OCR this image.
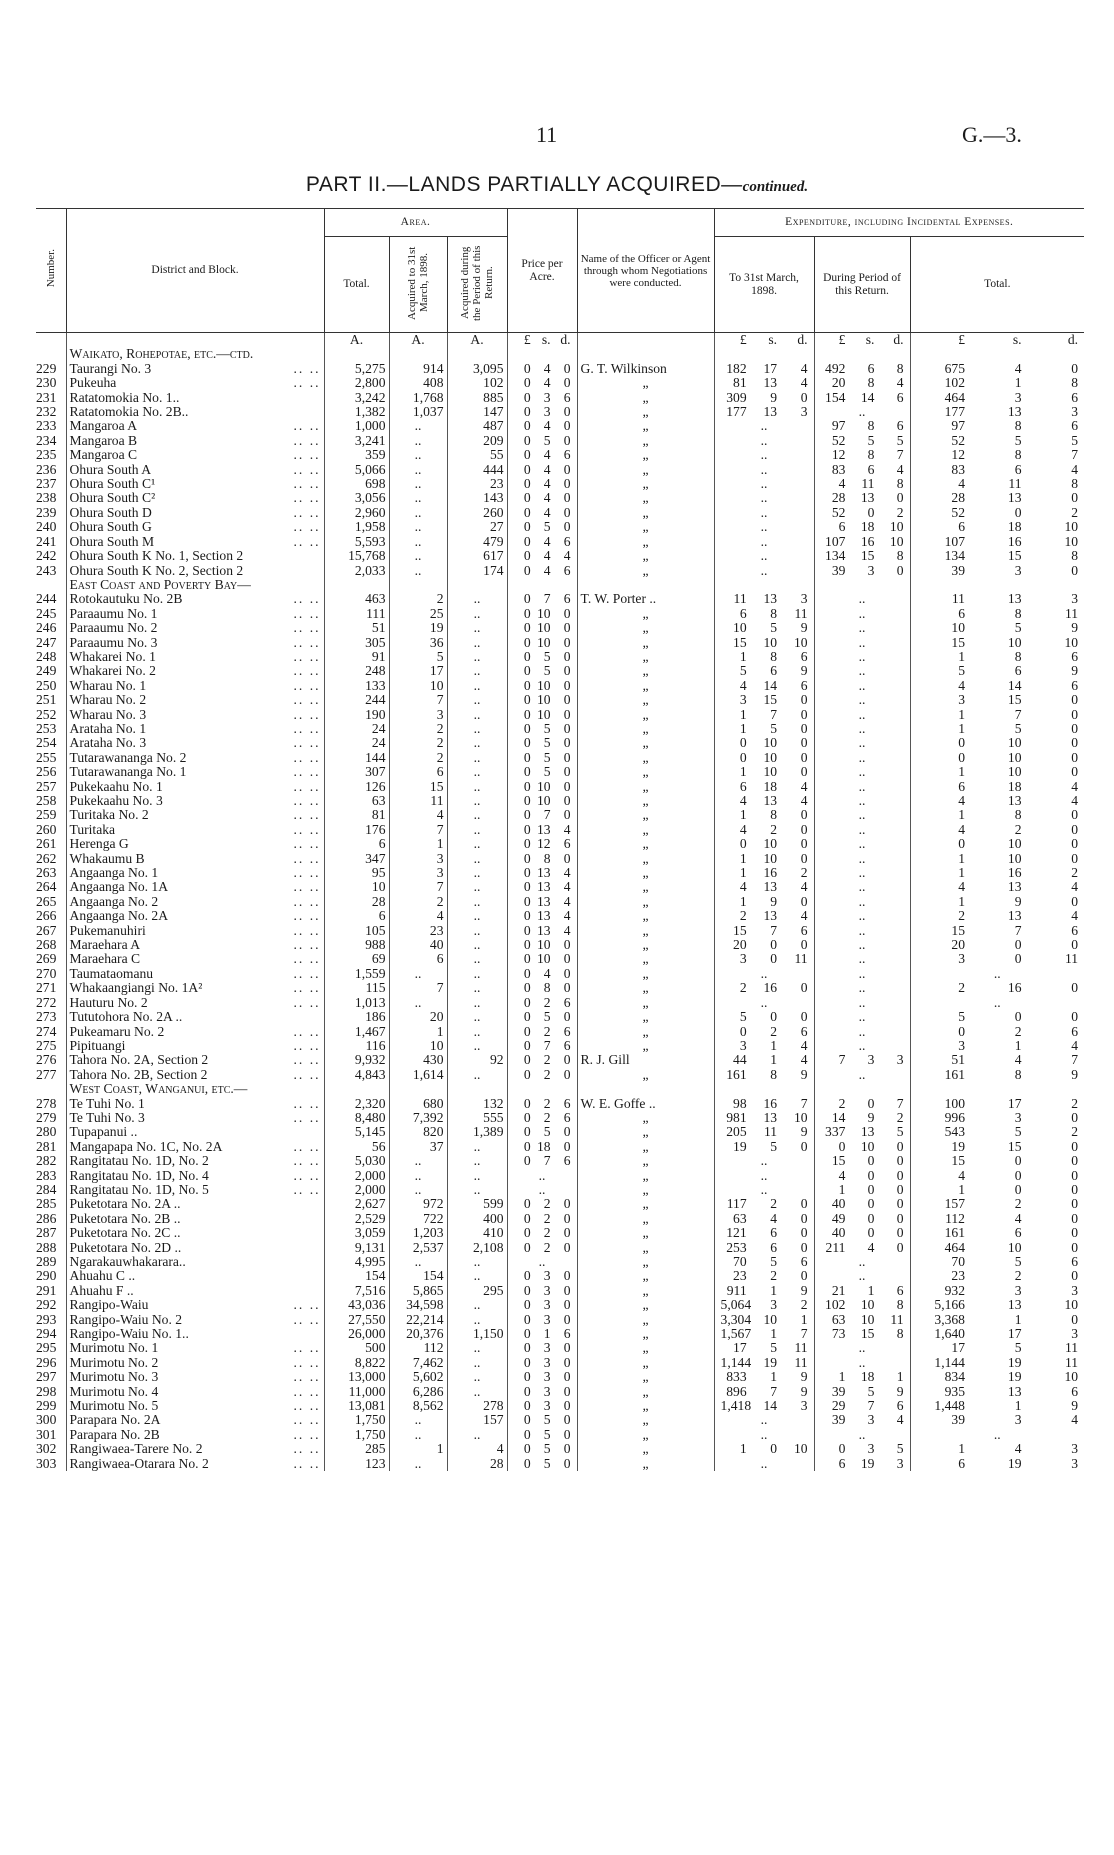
11	G.—3.
PART II.—LANDS PARTIALLY ACQUIRED—continued.
Number.	District and Block.	Area.			Price per Acre.	Name of the Officer or Agent through whom Negotiations were conducted.	Expenditure, including Incidental Expenses.		
		Total.	Acquired to 31st March, 1898.	Acquired during the Period of this Return.			To 31st March, 1898.	During Period of this Return.	Total.
		A.	A.	A.	£ s. d.		£ s. d.	£ s. d.	£ s. d.

	Waikato, Rohepotae, etc.—ctd.								
229	Taurangi No. 3 .. ..	5,275	914	3,095	0 4 0	G. T. Wilkinson	182 17 4	492 6 8	675 4 0

230	Pukeuha .. ..	2,800	408	102	0 4 0	„	81 13 4	20 8 4	102 1 8

231	Ratatomokia No. 1..	3,242	1,768	885	0 3 6	„	309 9 0	154 14 6	464 3 6

232	Ratatomokia No. 2B..	1,382	1,037	147	0 3 0	„	177 13 3	..	177 13 3

233	Mangaroa A .. ..	1,000	..	487	0 4 0	„	..	97 8 6	97 8 6

234	Mangaroa B .. ..	3,241	..	209	0 5 0	„	..	52 5 5	52 5 5

235	Mangaroa C .. ..	359	..	55	0 4 6	„	..	12 8 7	12 8 7

236	Ohura South A .. ..	5,066	..	444	0 4 0	„	..	83 6 4	83 6 4

237	Ohura South C¹ .. ..	698	..	23	0 4 0	„	..	4 11 8	4 11 8

238	Ohura South C² .. ..	3,056	..	143	0 4 0	„	..	28 13 0	28 13 0

239	Ohura South D .. ..	2,960	..	260	0 4 0	„	..	52 0 2	52 0 2

240	Ohura South G .. ..	1,958	..	27	0 5 0	„	..	6 18 10	6 18 10

241	Ohura South M .. ..	5,593	..	479	0 4 6	„	..	107 16 10	107 16 10

242	Ohura South K No. 1, Section 2	15,768	..	617	0 4 4	„	..	134 15 8	134 15 8

243	Ohura South K No. 2, Section 2	2,033	..	174	0 4 6	„	..	39 3 0	39 3 0

	East Coast and Poverty Bay—								
244	Rotokautuku No. 2B .. ..	463	2	..	0 7 6	T. W. Porter ..	11 13 3	..	11 13 3

245	Paraaumu No. 1 .. ..	111	25	..	0 10 0	„	6 8 11	..	6 8 11

246	Paraaumu No. 2 .. ..	51	19	..	0 10 0	„	10 5 9	..	10 5 9

247	Paraaumu No. 3 .. ..	305	36	..	0 10 0	„	15 10 10	..	15 10 10

248	Whakarei No. 1 .. ..	91	5	..	0 5 0	„	1 8 6	..	1 8 6

249	Whakarei No. 2 .. ..	248	17	..	0 5 0	„	5 6 9	..	5 6 9

250	Wharau No. 1 .. ..	133	10	..	0 10 0	„	4 14 6	..	4 14 6

251	Wharau No. 2 .. ..	244	7	..	0 10 0	„	3 15 0	..	3 15 0

252	Wharau No. 3 .. ..	190	3	..	0 10 0	„	1 7 0	..	1 7 0

253	Arataha No. 1 .. ..	24	2	..	0 5 0	„	1 5 0	..	1 5 0

254	Arataha No. 3 .. ..	24	2	..	0 5 0	„	0 10 0	..	0 10 0

255	Tutarawananga No. 2 .. ..	144	2	..	0 5 0	„	0 10 0	..	0 10 0

256	Tutarawananga No. 1 .. ..	307	6	..	0 5 0	„	1 10 0	..	1 10 0

257	Pukekaahu No. 1 .. ..	126	15	..	0 10 0	„	6 18 4	..	6 18 4

258	Pukekaahu No. 3 .. ..	63	11	..	0 10 0	„	4 13 4	..	4 13 4

259	Turitaka No. 2 .. ..	81	4	..	0 7 0	„	1 8 0	..	1 8 0

260	Turitaka .. ..	176	7	..	0 13 4	„	4 2 0	..	4 2 0

261	Herenga G .. ..	6	1	..	0 12 6	„	0 10 0	..	0 10 0

262	Whakaumu B .. ..	347	3	..	0 8 0	„	1 10 0	..	1 10 0

263	Angaanga No. 1 .. ..	95	3	..	0 13 4	„	1 16 2	..	1 16 2

264	Angaanga No. 1A .. ..	10	7	..	0 13 4	„	4 13 4	..	4 13 4

265	Angaanga No. 2 .. ..	28	2	..	0 13 4	„	1 9 0	..	1 9 0

266	Angaanga No. 2A .. ..	6	4	..	0 13 4	„	2 13 4	..	2 13 4

267	Pukemanuhiri .. ..	105	23	..	0 13 4	„	15 7 6	..	15 7 6

268	Maraehara A .. ..	988	40	..	0 10 0	„	20 0 0	..	20 0 0

269	Maraehara C .. ..	69	6	..	0 10 0	„	3 0 11	..	3 0 11

270	Taumataomanu .. ..	1,559	..	..	0 4 0	„	..	..	..
271	Whakaangiangi No. 1A² .. ..	115	7	..	0 8 0	„	2 16 0	..	2 16 0

272	Hauturu No. 2 .. ..	1,013	..	..	0 2 6	„	..	..	..
273	Tututohora No. 2A ..	186	20	..	0 5 0	„	5 0 0	..	5 0 0

274	Pukeamaru No. 2 .. ..	1,467	1	..	0 2 6	„	0 2 6	..	0 2 6

275	Pipituangi .. ..	116	10	..	0 7 6	„	3 1 4	..	3 1 4

276	Tahora No. 2A, Section 2 .. ..	9,932	430	92	0 2 0	R. J. Gill	44 1 4	7 3 3	51 4 7

277	Tahora No. 2B, Section 2 .. ..	4,843	1,614	..	0 2 0	„	161 8 9	..	161 8 9

	West Coast, Wanganui, etc.—								
278	Te Tuhi No. 1 .. ..	2,320	680	132	0 2 6	W. E. Goffe ..	98 16 7	2 0 7	100 17 2

279	Te Tuhi No. 3 .. ..	8,480	7,392	555	0 2 6	„	981 13 10	14 9 2	996 3 0

280	Tupapanui ..	5,145	820	1,389	0 5 0	„	205 11 9	337 13 5	543 5 2

281	Mangapapa No. 1C, No. 2A .. ..	56	37	..	0 18 0	„	19 5 0	0 10 0	19 15 0

282	Rangitatau No. 1D, No. 2 .. ..	5,030	..	..	0 7 6	„	..	15 0 0	15 0 0

283	Rangitatau No. 1D, No. 4 .. ..	2,000	..	..	..	„	..	4 0 0	4 0 0

284	Rangitatau No. 1D, No. 5 .. ..	2,000	..	..	..	„	..	1 0 0	1 0 0

285	Puketotara No. 2A ..	2,627	972	599	0 2 0	„	117 2 0	40 0 0	157 2 0

286	Puketotara No. 2B ..	2,529	722	400	0 2 0	„	63 4 0	49 0 0	112 4 0

287	Puketotara No. 2C ..	3,059	1,203	410	0 2 0	„	121 6 0	40 0 0	161 6 0

288	Puketotara No. 2D ..	9,131	2,537	2,108	0 2 0	„	253 6 0	211 4 0	464 10 0

289	Ngarakauwhakarara..	4,995	..	..	..	„	70 5 6	..	70 5 6

290	Ahuahu C ..	154	154	..	0 3 0	„	23 2 0	..	23 2 0

291	Ahuahu F ..	7,516	5,865	295	0 3 0	„	911 1 9	21 1 6	932 3 3

292	Rangipo-Waiu .. ..	43,036	34,598	..	0 3 0	„	5,064 3 2	102 10 8	5,166 13 10

293	Rangipo-Waiu No. 2 .. ..	27,550	22,214	..	0 3 0	„	3,304 10 1	63 10 11	3,368 1 0

294	Rangipo-Waiu No. 1..	26,000	20,376	1,150	0 1 6	„	1,567 1 7	73 15 8	1,640 17 3

295	Murimotu No. 1 .. ..	500	112	..	0 3 0	„	17 5 11	..	17 5 11

296	Murimotu No. 2 .. ..	8,822	7,462	..	0 3 0	„	1,144 19 11	..	1,144 19 11

297	Murimotu No. 3 .. ..	13,000	5,602	..	0 3 0	„	833 1 9	1 18 1	834 19 10

298	Murimotu No. 4 .. ..	11,000	6,286	..	0 3 0	„	896 7 9	39 5 9	935 13 6

299	Murimotu No. 5 .. ..	13,081	8,562	278	0 3 0	„	1,418 14 3	29 7 6	1,448 1 9

300	Parapara No. 2A .. ..	1,750	..	157	0 5 0	„	..	39 3 4	39 3 4

301	Parapara No. 2B .. ..	1,750	..	..	0 5 0	„	..	..	..
302	Rangiwaea-Tarere No. 2 .. ..	285	1	4	0 5 0	„	1 0 10	0 3 5	1 4 3

303	Rangiwaea-Otarara No. 2 .. ..	123	..	28	0 5 0	„	..	6 19 3	6 19 3
